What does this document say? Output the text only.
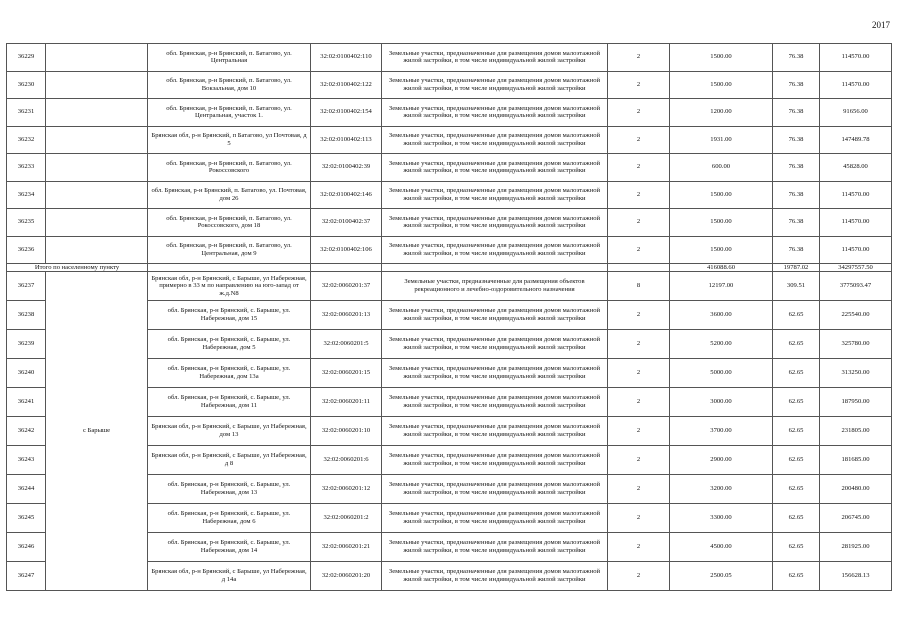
2017
36229		обл. Брянская, р-н Брянский, п. Батагово, ул. Центральная	32:02:0100402:110	Земельные участки, предназначенные для размещения домов малоэтажной жилой застройки, в том числе индивидуальной жилой застройки	2	1500.00	76.38	114570.00
36230		обл. Брянская, р-н Брянский, п. Батагово, ул. Вокзальная, дом 10	32:02:0100402:122	Земельные участки, предназначенные для размещения домов малоэтажной жилой застройки, в том числе индивидуальной жилой застройки	2	1500.00	76.38	114570.00
36231		обл. Брянская, р-н Брянский, п. Батагово, ул. Центральная, участок 1.	32:02:0100402:154	Земельные участки, предназначенные для размещения домов малоэтажной жилой застройки, в том числе индивидуальной жилой застройки	2	1200.00	76.38	91656.00
36232		Брянская обл, р-н Брянский, п Батагово, ул Почтовая, д 5	32:02:0100402:113	Земельные участки, предназначенные для размещения домов малоэтажной жилой застройки, в том числе индивидуальной жилой застройки	2	1931.00	76.38	147489.78
36233		обл. Брянская, р-н Брянский, п. Батагово, ул. Рокоссовского	32:02:0100402:39	Земельные участки, предназначенные для размещения домов малоэтажной жилой застройки, в том числе индивидуальной жилой застройки	2	600.00	76.38	45828.00
36234		обл. Брянская, р-н Брянский, п. Батагово, ул. Почтовая, дом 26	32:02:0100402:146	Земельные участки, предназначенные для размещения домов малоэтажной жилой застройки, в том числе индивидуальной жилой застройки	2	1500.00	76.38	114570.00
36235		обл. Брянская, р-н Брянский, п. Батагово, ул. Рокоссовского, дом 18	32:02:0100402:37	Земельные участки, предназначенные для размещения домов малоэтажной жилой застройки, в том числе индивидуальной жилой застройки	2	1500.00	76.38	114570.00
36236		обл. Брянская, р-н Брянский, п. Батагово, ул. Центральная, дом 9	32:02:0100402:106	Земельные участки, предназначенные для размещения домов малоэтажной жилой застройки, в том числе индивидуальной жилой застройки	2	1500.00	76.38	114570.00
Итого по населенному пункту						416088.60	19787.02	34297557.50
36237	с Барыше	Брянская обл, р-н Брянский, с Барыше, ул Набережная, примерно в 33 м по направлению на юго-запад от ж.д.N8	32:02:0060201:37	Земельные участки, предназначенные для размещения объектов рекреационного и лечебно-оздоровительного назначения	8	12197.00	309.51	3775093.47
36238		обл. Брянская, р-н Брянский, с. Барыше, ул. Набережная, дом 15	32:02:0060201:13	Земельные участки, предназначенные для размещения домов малоэтажной жилой застройки, в том числе индивидуальной жилой застройки	2	3600.00	62.65	225540.00
36239		обл. Брянская, р-н Брянский, с. Барыше, ул. Набережная, дом 5	32:02:0060201:5	Земельные участки, предназначенные для размещения домов малоэтажной жилой застройки, в том числе индивидуальной жилой застройки	2	5200.00	62.65	325780.00
36240		обл. Брянская, р-н Брянский, с. Барыше, ул. Набережная, дом 13а	32:02:0060201:15	Земельные участки, предназначенные для размещения домов малоэтажной жилой застройки, в том числе индивидуальной жилой застройки	2	5000.00	62.65	313250.00
36241		обл. Брянская, р-н Брянский, с. Барыше, ул. Набережная, дом 11	32:02:0060201:11	Земельные участки, предназначенные для размещения домов малоэтажной жилой застройки, в том числе индивидуальной жилой застройки	2	3000.00	62.65	187950.00
36242		Брянская обл, р-н Брянский, с Барыше, ул Набережная, дом 13	32:02:0060201:10	Земельные участки, предназначенные для размещения домов малоэтажной жилой застройки, в том числе индивидуальной жилой застройки	2	3700.00	62.65	231805.00
36243		Брянская обл, р-н Брянский, с Барыше, ул Набережная, д 8	32:02:0060201:6	Земельные участки, предназначенные для размещения домов малоэтажной жилой застройки, в том числе индивидуальной жилой застройки	2	2900.00	62.65	181685.00
36244		обл. Брянская, р-н Брянский, с. Барыше, ул. Набережная, дом 13	32:02:0060201:12	Земельные участки, предназначенные для размещения домов малоэтажной жилой застройки, в том числе индивидуальной жилой застройки	2	3200.00	62.65	200480.00
36245		обл. Брянская, р-н Брянский, с. Барыше, ул. Набережная, дом 6	32:02:0060201:2	Земельные участки, предназначенные для размещения домов малоэтажной жилой застройки, в том числе индивидуальной жилой застройки	2	3300.00	62.65	206745.00
36246		обл. Брянская, р-н Брянский, с. Барыше, ул. Набережная, дом 14	32:02:0060201:21	Земельные участки, предназначенные для размещения домов малоэтажной жилой застройки, в том числе индивидуальной жилой застройки	2	4500.00	62.65	281925.00
36247		Брянская обл, р-н Брянский, с Барыше, ул Набережная, д 14а	32:02:0060201:20	Земельные участки, предназначенные для размещения домов малоэтажной жилой застройки, в том числе индивидуальной жилой застройки	2	2500.05	62.65	156628.13
